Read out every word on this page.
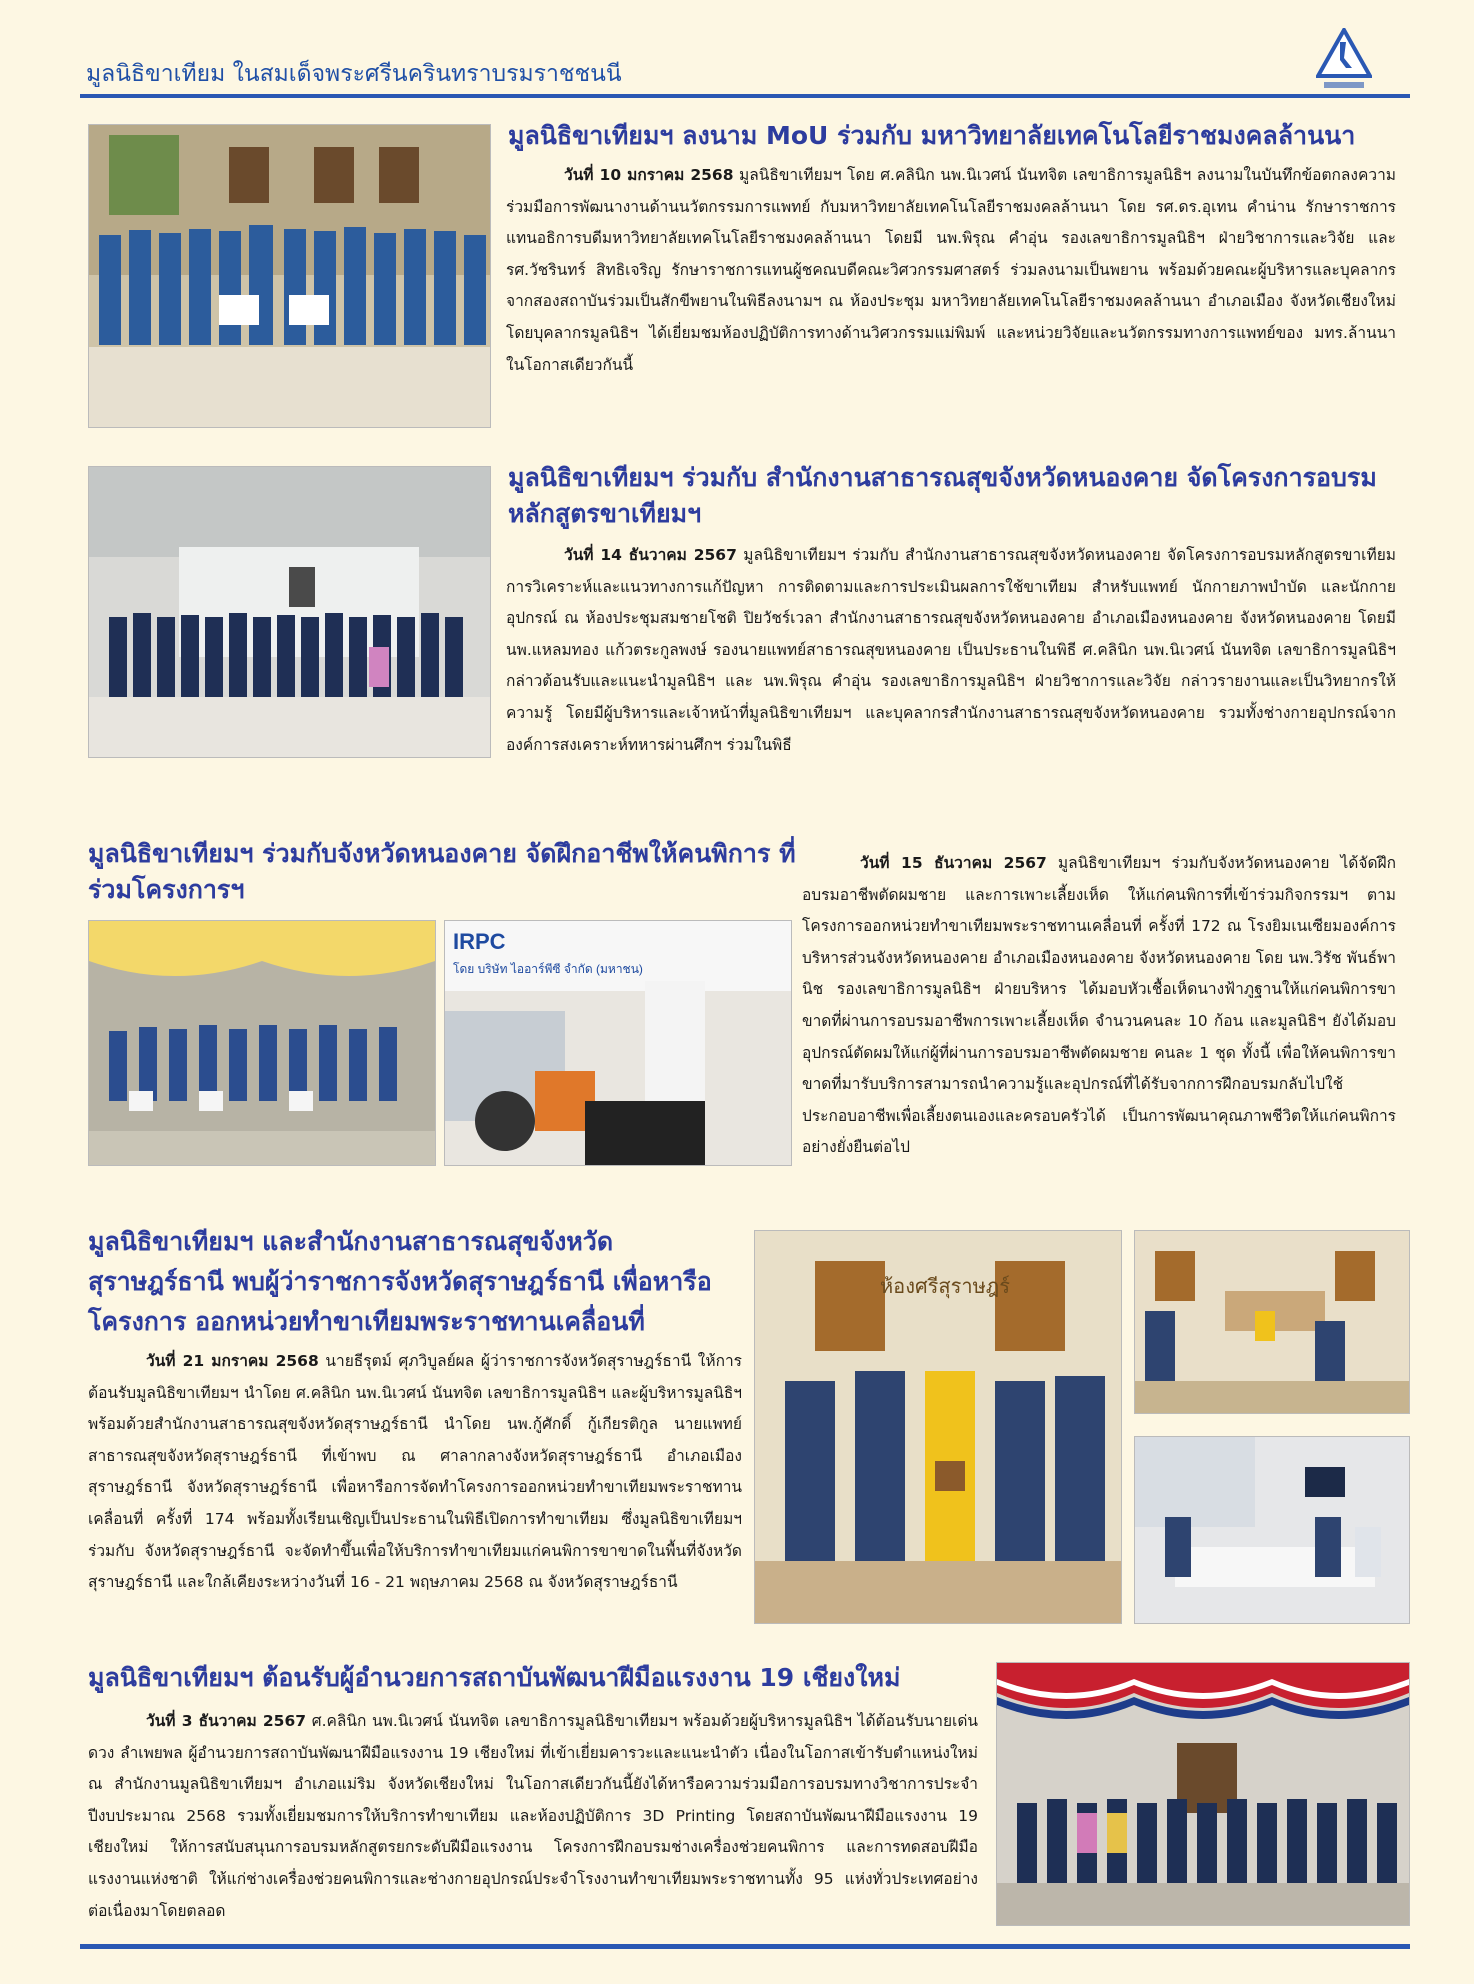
มูลนิธิขาเทียม ในสมเด็จพระศรีนครินทราบรมราชชนนี
มูลนิธิขาเทียมฯ ลงนาม MoU ร่วมกับ มหาวิทยาลัยเทคโนโลยีราชมงคลล้านนา
วันที่ 10 มกราคม 2568 มูลนิธิขาเทียมฯ โดย ศ.คลินิก นพ.นิเวศน์ นันทจิต เลขาธิการมูลนิธิฯ ลงนามในบันทึกข้อตกลงความร่วมมือการพัฒนางานด้านนวัตกรรมการแพทย์ กับมหาวิทยาลัยเทคโนโลยีราชมงคลล้านนา โดย รศ.ดร.อุเทน คำน่าน รักษาราชการแทนอธิการบดีมหาวิทยาลัยเทคโนโลยีราชมงคลล้านนา โดยมี นพ.พิรุณ คำอุ่น รองเลขาธิการมูลนิธิฯ ฝ่ายวิชาการและวิจัย และ รศ.วัชรินทร์ สิทธิเจริญ รักษาราชการแทนผู้ชคณบดีคณะวิศวกรรมศาสตร์ ร่วมลงนามเป็นพยาน พร้อมด้วยคณะผู้บริหารและบุคลากรจากสองสถาบันร่วมเป็นสักขีพยานในพิธีลงนามฯ ณ ห้องประชุม มหาวิทยาลัยเทคโนโลยีราชมงคลล้านนา อำเภอเมือง จังหวัดเชียงใหม่ โดยบุคลากรมูลนิธิฯ ได้เยี่ยมชมห้องปฏิบัติการทางด้านวิศวกรรมแม่พิมพ์ และหน่วยวิจัยและนวัตกรรมทางการแพทย์ของ มทร.ล้านนา ในโอกาสเดียวกันนี้
มูลนิธิขาเทียมฯ ร่วมกับ สำนักงานสาธารณสุขจังหวัดหนองคาย จัดโครงการอบรม หลักสูตรขาเทียมฯ
วันที่ 14 ธันวาคม 2567 มูลนิธิขาเทียมฯ ร่วมกับ สำนักงานสาธารณสุขจังหวัดหนองคาย จัดโครงการอบรมหลักสูตรขาเทียม การวิเคราะห์และแนวทางการแก้ปัญหา การติดตามและการประเมินผลการใช้ขาเทียม สำหรับแพทย์ นักกายภาพบำบัด และนักกายอุปกรณ์ ณ ห้องประชุมสมชายโชติ ปิยวัชร์เวลา สำนักงานสาธารณสุขจังหวัดหนองคาย อำเภอเมืองหนองคาย จังหวัดหนองคาย โดยมี นพ.แหลมทอง แก้วตระกูลพงษ์ รองนายแพทย์สาธารณสุขหนองคาย เป็นประธานในพิธี ศ.คลินิก นพ.นิเวศน์ นันทจิต เลขาธิการมูลนิธิฯ กล่าวต้อนรับและแนะนำมูลนิธิฯ และ นพ.พิรุณ คำอุ่น รองเลขาธิการมูลนิธิฯ ฝ่ายวิชาการและวิจัย กล่าวรายงานและเป็นวิทยากรให้ความรู้ โดยมีผู้บริหารและเจ้าหน้าที่มูลนิธิขาเทียมฯ และบุคลากรสำนักงานสาธารณสุขจังหวัดหนองคาย รวมทั้งช่างกายอุปกรณ์จากองค์การสงเคราะห์ทหารผ่านศึกฯ ร่วมในพิธี
มูลนิธิขาเทียมฯ ร่วมกับจังหวัดหนองคาย จัดฝึกอาชีพให้คนพิการ ที่ร่วมโครงการฯ
IRPC
โดย บริษัท ไออาร์พีซี จำกัด (มหาชน)
วันที่ 15 ธันวาคม 2567 มูลนิธิขาเทียมฯ ร่วมกับจังหวัดหนองคาย ได้จัดฝึกอบรมอาชีพตัดผมชาย และการเพาะเลี้ยงเห็ด ให้แก่คนพิการที่เข้าร่วมกิจกรรมฯ ตามโครงการออกหน่วยทำขาเทียมพระราชทานเคลื่อนที่ ครั้งที่ 172 ณ โรงยิมเนเซียมองค์การบริหารส่วนจังหวัดหนองคาย อำเภอเมืองหนองคาย จังหวัดหนองคาย โดย นพ.วิรัช พันธ์พานิช รองเลขาธิการมูลนิธิฯ ฝ่ายบริหาร ได้มอบหัวเชื้อเห็ดนางฟ้าภูฐานให้แก่คนพิการขาขาดที่ผ่านการอบรมอาชีพการเพาะเลี้ยงเห็ด จำนวนคนละ 10 ก้อน และมูลนิธิฯ ยังได้มอบอุปกรณ์ตัดผมให้แก่ผู้ที่ผ่านการอบรมอาชีพตัดผมชาย คนละ 1 ชุด ทั้งนี้ เพื่อให้คนพิการขาขาดที่มารับบริการสามารถนำความรู้และอุปกรณ์ที่ได้รับจากการฝึกอบรมกลับไปใช้ประกอบอาชีพเพื่อเลี้ยงตนเองและครอบครัวได้ เป็นการพัฒนาคุณภาพชีวิตให้แก่คนพิการอย่างยั่งยืนต่อไป
มูลนิธิขาเทียมฯ และสำนักงานสาธารณสุขจังหวัดสุราษฎร์ธานี พบผู้ว่าราชการจังหวัดสุราษฎร์ธานี เพื่อหารือโครงการ ออกหน่วยทำขาเทียมพระราชทานเคลื่อนที่
วันที่ 21 มกราคม 2568 นายธีรุตม์ ศุภวิบูลย์ผล ผู้ว่าราชการจังหวัดสุราษฎร์ธานี ให้การต้อนรับมูลนิธิขาเทียมฯ นำโดย ศ.คลินิก นพ.นิเวศน์ นันทจิต เลขาธิการมูลนิธิฯ และผู้บริหารมูลนิธิฯ พร้อมด้วยสำนักงานสาธารณสุขจังหวัดสุราษฎร์ธานี นำโดย นพ.กู้ศักดิ์ กู้เกียรติกูล นายแพทย์สาธารณสุขจังหวัดสุราษฎร์ธานี ที่เข้าพบ ณ ศาลากลางจังหวัดสุราษฎร์ธานี อำเภอเมืองสุราษฎร์ธานี จังหวัดสุราษฎร์ธานี เพื่อหารือการจัดทำโครงการออกหน่วยทำขาเทียมพระราชทานเคลื่อนที่ ครั้งที่ 174 พร้อมทั้งเรียนเชิญเป็นประธานในพิธีเปิดการทำขาเทียม ซึ่งมูลนิธิขาเทียมฯ ร่วมกับ จังหวัดสุราษฎร์ธานี จะจัดทำขึ้นเพื่อให้บริการทำขาเทียมแก่คนพิการขาขาดในพื้นที่จังหวัดสุราษฎร์ธานี และใกล้เคียงระหว่างวันที่ 16 - 21 พฤษภาคม 2568 ณ จังหวัดสุราษฎร์ธานี
ห้องศรีสุราษฎร์
มูลนิธิขาเทียมฯ ต้อนรับผู้อำนวยการสถาบันพัฒนาฝีมือแรงงาน 19 เชียงใหม่
วันที่ 3 ธันวาคม 2567 ศ.คลินิก นพ.นิเวศน์ นันทจิต เลขาธิการมูลนิธิขาเทียมฯ พร้อมด้วยผู้บริหารมูลนิธิฯ ได้ต้อนรับนายเด่นดวง ลำเพยพล ผู้อำนวยการสถาบันพัฒนาฝีมือแรงงาน 19 เชียงใหม่ ที่เข้าเยี่ยมคารวะและแนะนำตัว เนื่องในโอกาสเข้ารับตำแหน่งใหม่ ณ สำนักงานมูลนิธิขาเทียมฯ อำเภอแม่ริม จังหวัดเชียงใหม่ ในโอกาสเดียวกันนี้ยังได้หารือความร่วมมือการอบรมทางวิชาการประจำปีงบประมาณ 2568 รวมทั้งเยี่ยมชมการให้บริการทำขาเทียม และห้องปฏิบัติการ 3D Printing โดยสถาบันพัฒนาฝีมือแรงงาน 19 เชียงใหม่ ให้การสนับสนุนการอบรมหลักสูตรยกระดับฝีมือแรงงาน โครงการฝึกอบรมช่างเครื่องช่วยคนพิการ และการทดสอบฝีมือแรงงานแห่งชาติ ให้แก่ช่างเครื่องช่วยคนพิการและช่างกายอุปกรณ์ประจำโรงงานทำขาเทียมพระราชทานทั้ง 95 แห่งทั่วประเทศอย่างต่อเนื่องมาโดยตลอด
